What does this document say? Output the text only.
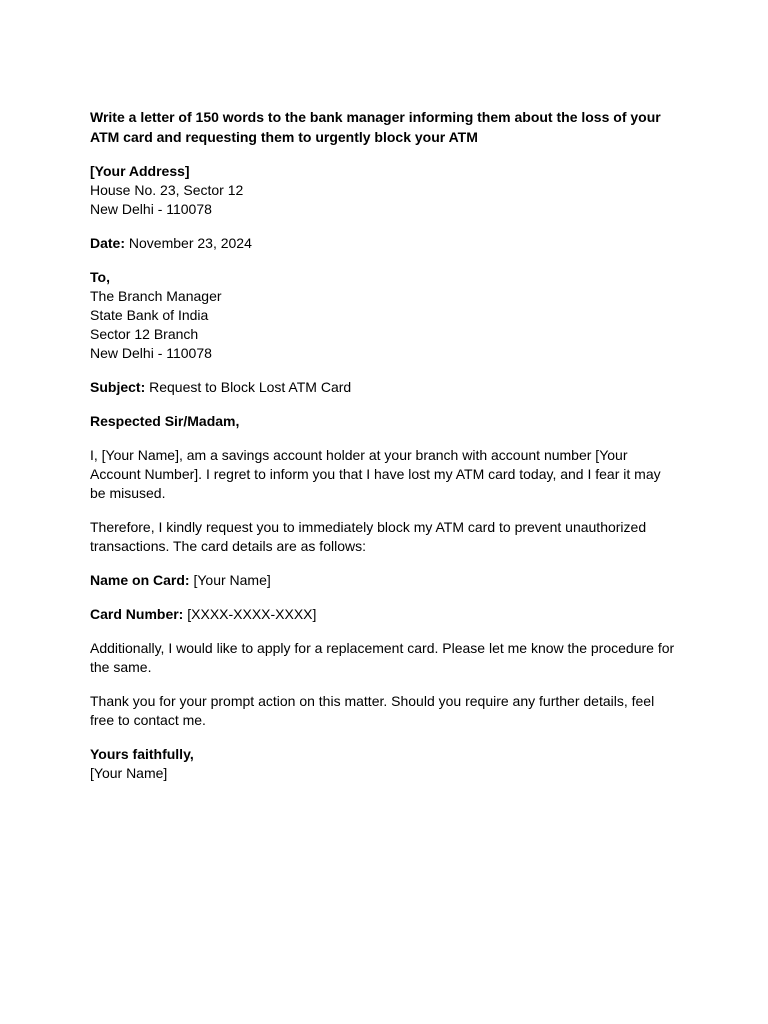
Write a letter of 150 words to the bank manager informing them about the loss of your ATM card and requesting them to urgently block your ATM
[Your Address]
House No. 23, Sector 12
New Delhi - 110078
Date: November 23, 2024
To,
The Branch Manager
State Bank of India
Sector 12 Branch
New Delhi - 110078
Subject: Request to Block Lost ATM Card
Respected Sir/Madam,

I, [Your Name], am a savings account holder at your branch with account number [Your Account Number]. I regret to inform you that I have lost my ATM card today, and I fear it may be misused.

Therefore, I kindly request you to immediately block my ATM card to prevent unauthorized transactions. The card details are as follows:

Name on Card: [Your Name]
Card Number: [XXXX-XXXX-XXXX]

Additionally, I would like to apply for a replacement card. Please let me know the procedure for the same.

Thank you for your prompt action on this matter. Should you require any further details, feel free to contact me.

Yours faithfully,
[Your Name]
